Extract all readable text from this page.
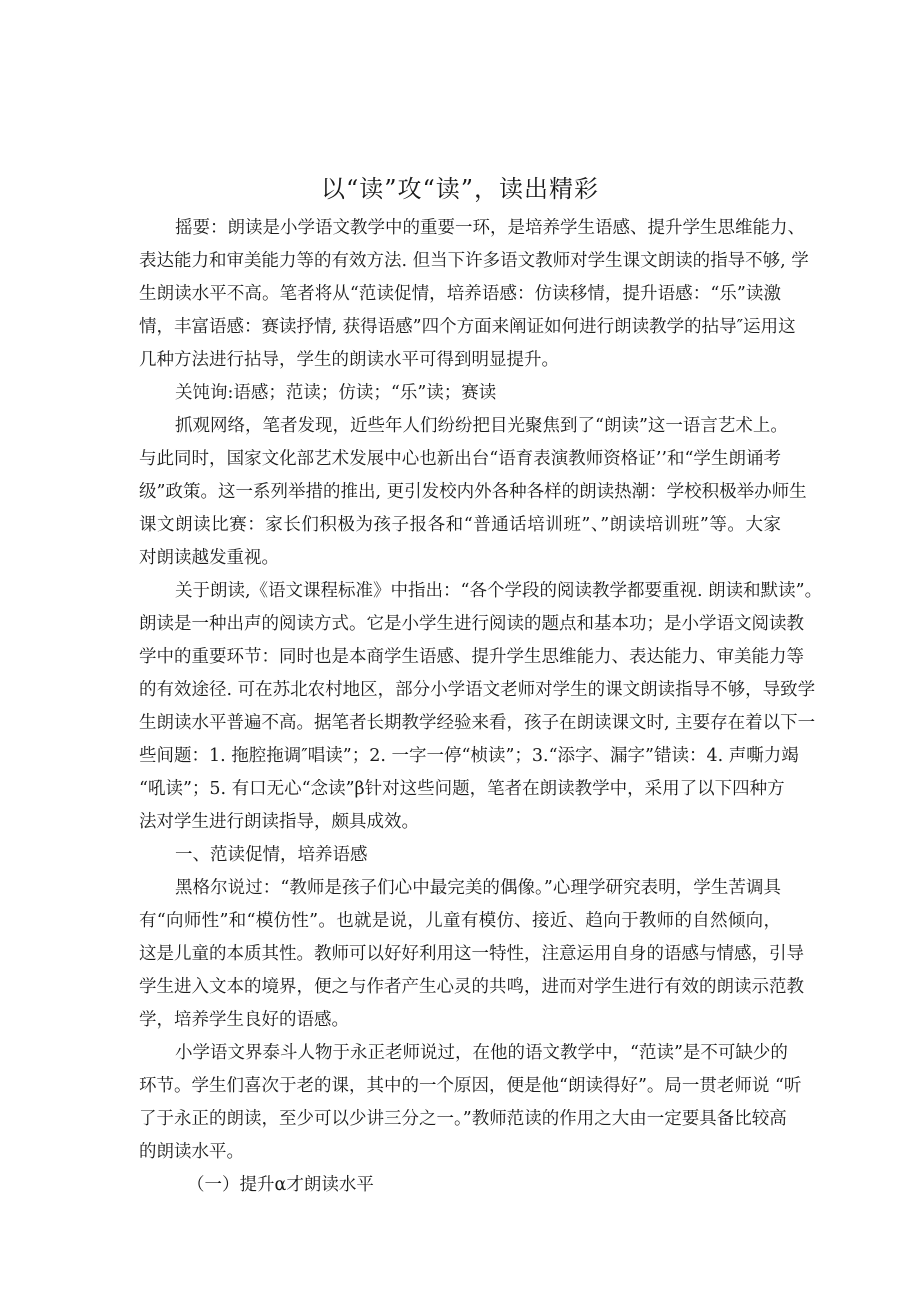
以“读”攻“读”，读出精彩
摇要：朗读是小学语文教学中的重要一环，是培养学生语感、提升学生思维能力、
表达能力和审美能力等的有效方法. 但当下许多语文教师对学生课文朗读的指导不够, 学
生朗读水平不高。笔者将从“范读促情，培养语感：仿读移情，提升语感：“乐”读激
情，丰富语感：赛读抒情, 获得语感”四个方面来阐证如何进行朗读教学的拈导″运用这
几种方法进行拈导，学生的朗读水平可得到明显提升。
关饨询:语感；范读；仿读；“乐”读；赛读
抓观网络，笔者发现，近些年人们纷纷把目光聚焦到了“朗读”这一语言艺术上。
与此同时，国家文化部艺术发展中心也新出台“语育表演教师资格证’’和“学生朗诵考
级”政策。这一系列举措的推出, 更引发校内外各种各样的朗读热潮：学校积极举办师生
课文朗读比赛：家长们积极为孩子报各和“普通话培训班”、”朗读培训班”等。大家
对朗读越发重视。
关于朗读,《语文课程标准》中指出：“各个学段的阅读教学都要重视. 朗读和默读”。
朗读是一种出声的阅读方式。它是小学生进行阅读的题点和基本功；是小学语文阅读教
学中的重要环节：同时也是本商学生语感、提升学生思维能力、表达能力、审美能力等
的有效途径. 可在苏北农村地区，部分小学语文老师对学生的课文朗读指导不够，导致学
生朗读水平普遍不高。据笔者长期教学经验来看，孩子在朗读课文时, 主要存在着以下一
些间题：1. 拖腔拖调″唱读”；2. 一字一停“桢读”；3.“添字、漏字”错读：4. 声嘶力竭
“吼读”；5. 有口无心“念读”β针对这些问题，笔者在朗读教学中，采用了以下四种方
法对学生进行朗读指导，颇具成效。
一、范读促情，培养语感
黑格尔说过：“教师是孩子们心中最完美的偶像。”心理学研究表明，学生苦调具
有“向师性”和“模仿性”。也就是说，儿童有模仿、接近、趋向于教师的自然倾向，
这是儿童的本质其性。教师可以好好利用这一特性，注意运用自身的语感与情感，引导
学生进入文本的境界，便之与作者产生心灵的共鸣，进而对学生进行有效的朗读示范教
学，培养学生良好的语感。
小学语文界泰斗人物于永正老师说过，在他的语文教学中，“范读”是不可缺少的
环节。学生们喜次于老的课，其中的一个原因，便是他“朗读得好”。局一贯老师说 “听
了于永正的朗读，至少可以少讲三分之一。”教师范读的作用之大由一定要具备比较高
的朗读水平。
（一）提升α才朗读水平
